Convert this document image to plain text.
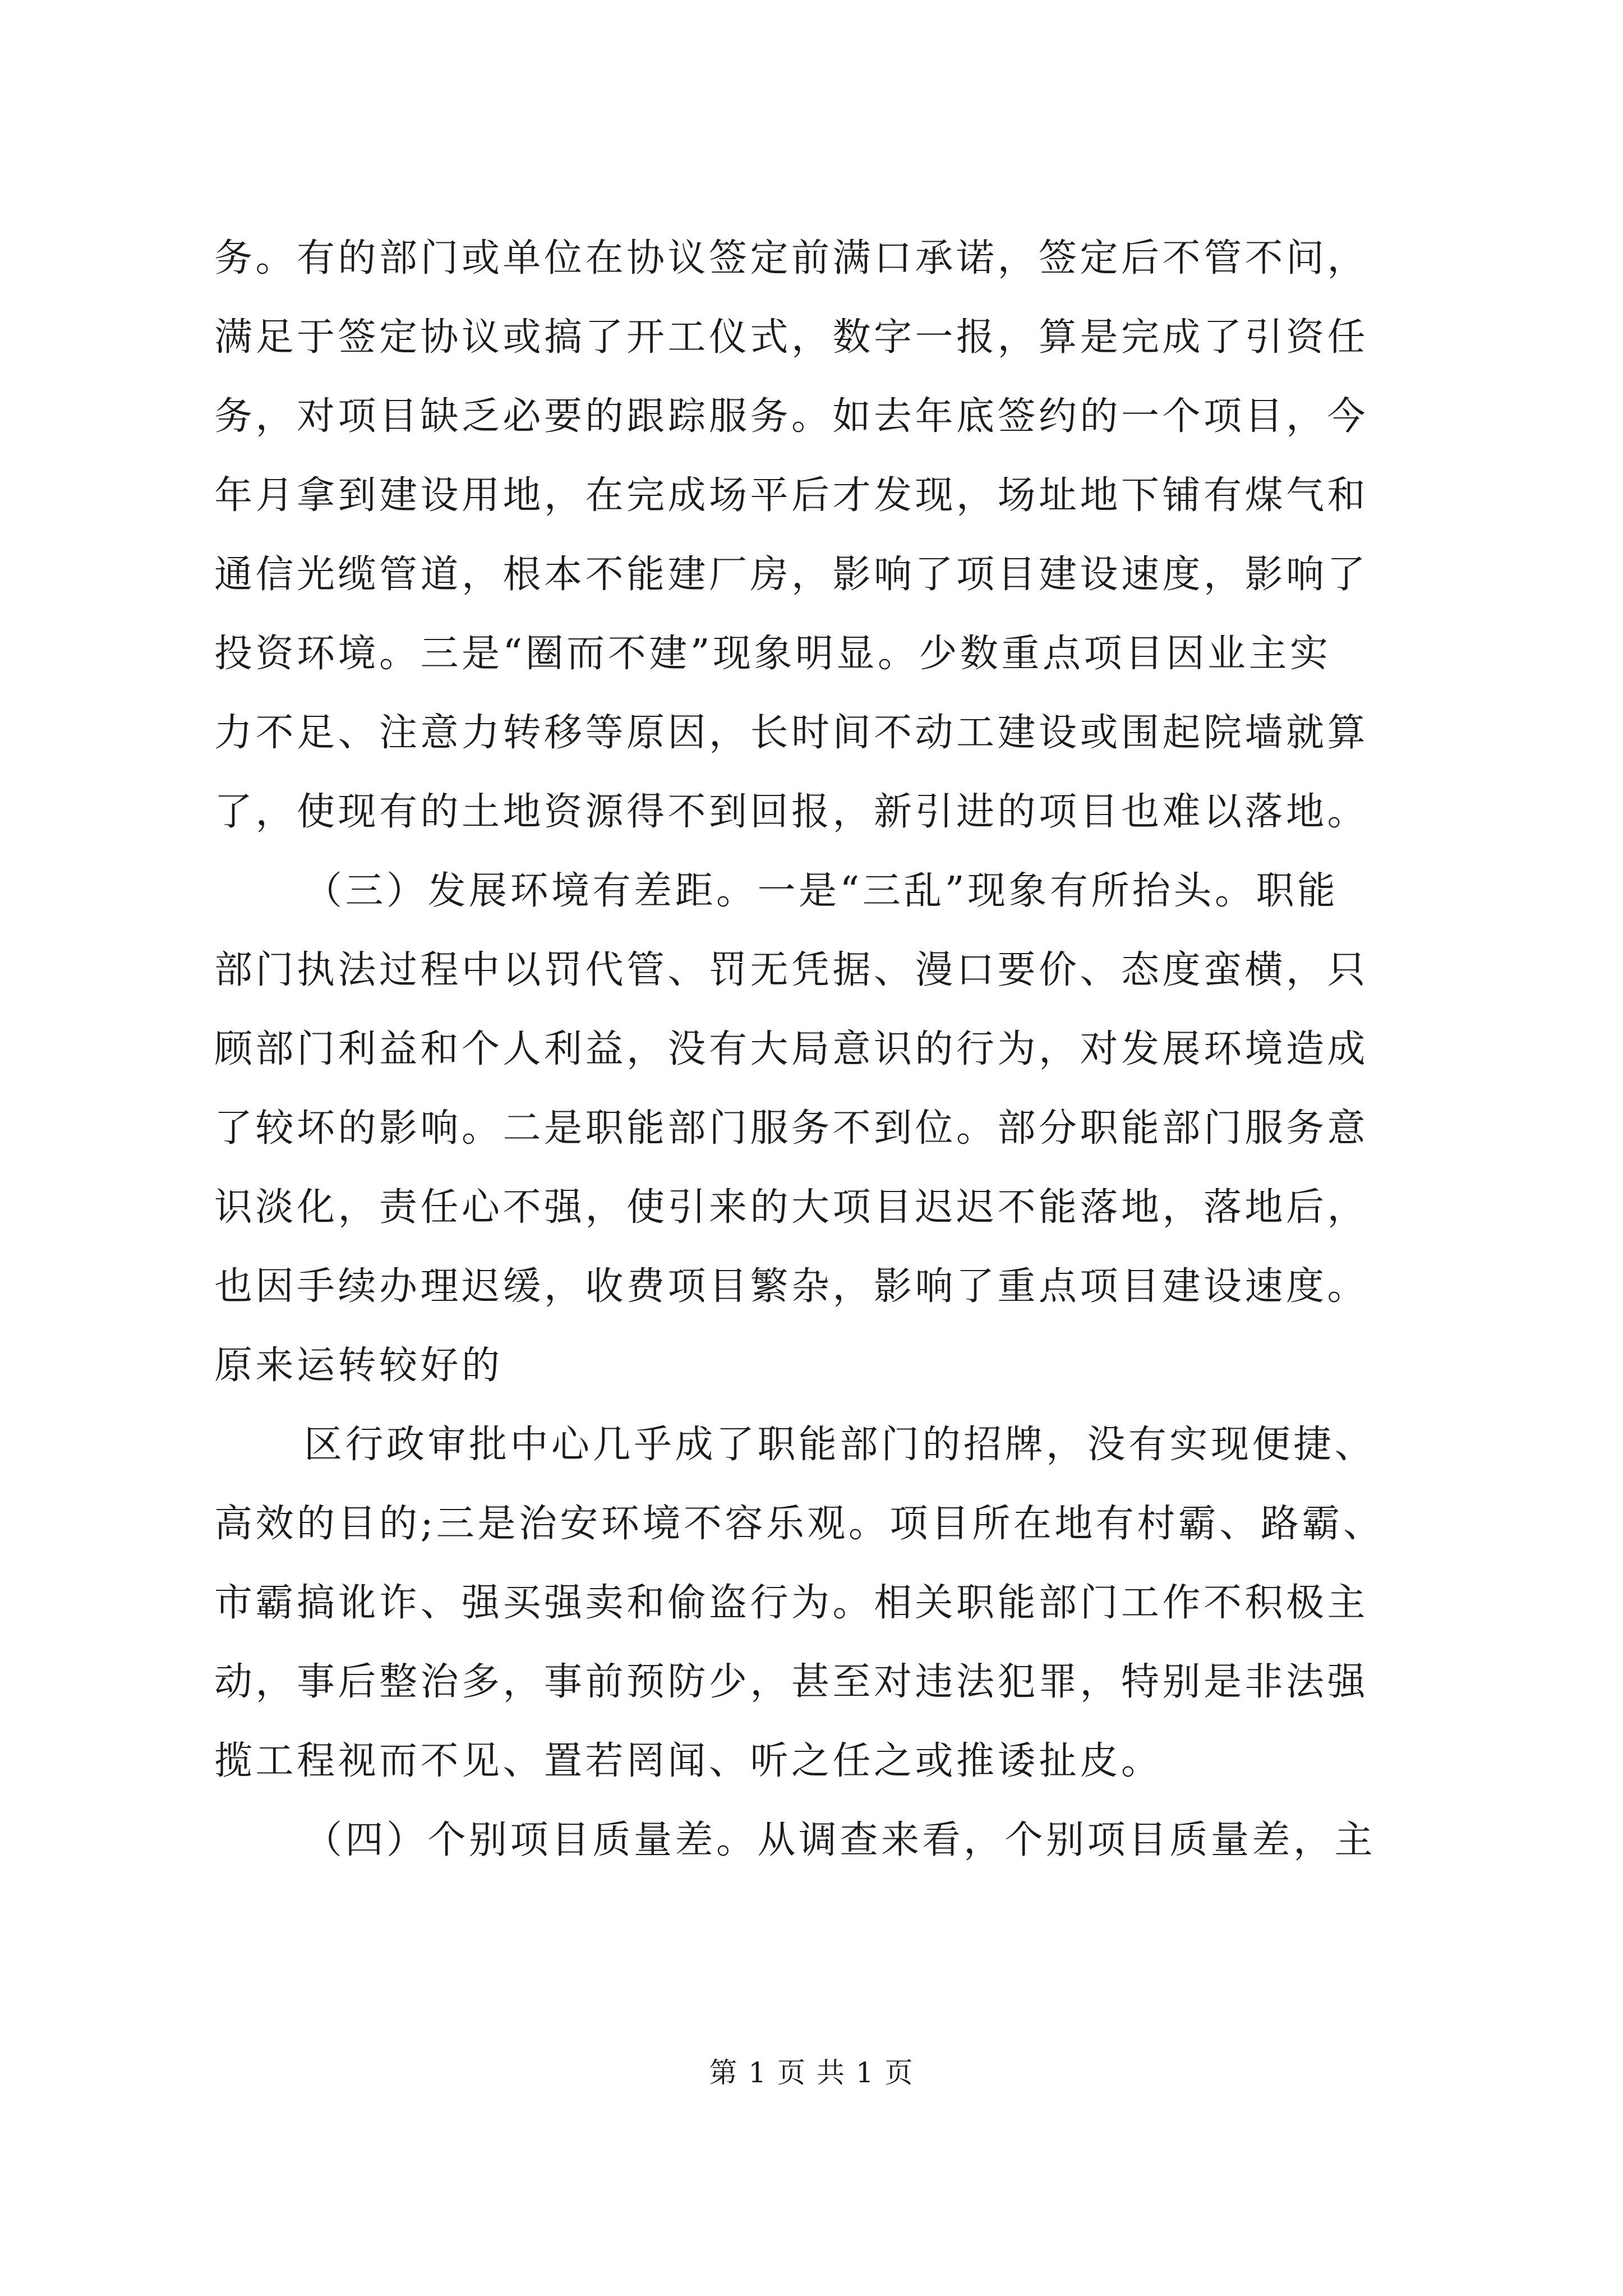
务。有的部门或单位在协议签定前满口承诺，签定后不管不问，
满足于签定协议或搞了开工仪式，数字一报，算是完成了引资任
务，对项目缺乏必要的跟踪服务。如去年底签约的一个项目，今
年月拿到建设用地，在完成场平后才发现，场址地下铺有煤气和
通信光缆管道，根本不能建厂房，影响了项目建设速度，影响了
投资环境。三是“圈而不建”现象明显。少数重点项目因业主实
力不足、注意力转移等原因，长时间不动工建设或围起院墙就算
了，使现有的土地资源得不到回报，新引进的项目也难以落地。
（三）发展环境有差距。一是“三乱”现象有所抬头。职能
部门执法过程中以罚代管、罚无凭据、漫口要价、态度蛮横，只
顾部门利益和个人利益，没有大局意识的行为，对发展环境造成
了较坏的影响。二是职能部门服务不到位。部分职能部门服务意
识淡化，责任心不强，使引来的大项目迟迟不能落地，落地后，
也因手续办理迟缓，收费项目繁杂，影响了重点项目建设速度。
原来运转较好的
区行政审批中心几乎成了职能部门的招牌，没有实现便捷、
高效的目的;三是治安环境不容乐观。项目所在地有村霸、路霸、
市霸搞讹诈、强买强卖和偷盗行为。相关职能部门工作不积极主
动，事后整治多，事前预防少，甚至对违法犯罪，特别是非法强
揽工程视而不见、置若罔闻、听之任之或推诿扯皮。
（四）个别项目质量差。从调查来看，个别项目质量差，主
第 1 页 共 1 页
